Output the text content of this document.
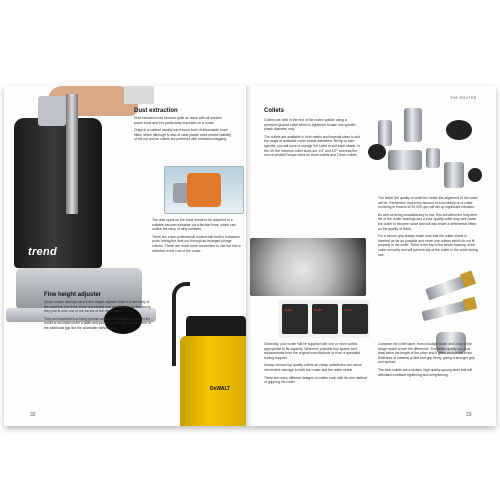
trend
Dust extraction

Dust extraction has become quite an issue with all wooden power tools and it is particularly important on a router.

Chips in a cabinet usually have some form of detachable hood fitted, which although is also of clear plastic does restrict visibility of the cut and so collets are preferred with extraction-bagging.

The dust spout on the hood needs to be attached to a suitable vacuum extractor via a flexible hose, which can outlive the ramp of dirty surfaces.

There are a few professional routers with built in extraction ports, letting the dust out through an enlarged plunge column. These are much more convenient to use but this is reflected in the cost of the router.

Fine height adjuster

Some routers already have a fine height adjuster built in to the body of the machine, but if not, there is probably one available as an accessory, they just fit onto one of the turrets of the depth stop.

They are essential to a fixing precise adjustments particularly when the router is mounted under a table and you will not be able to use some of the additional jigs like the dovetailer without one.

DeWALT
32
THE ROUTER
Collets

Cutters are held in the end of the router spindle using a precision ground collet which is tightened to take one specific shank diameter only.

The collets are available in both metric and imperial sizes to suit the range of available router shank diameters. Being so size specific, you will have to change the collet to suit each shank. In the UK the common collet sizes are 1/4" and 1/2" whereas the rest of central Europe relies on 8mm collets and 12mm collets.

The better the quality of collet the better the alignment of the cutter will be. Remember that a tiny amount of eccentricity on a cutter revolving in excess of 20,000 rpm will set up significant vibration.

As well as being unsatisfactory to use, this will affect the long term life of the router bearings and a poor quality collet may well cause the cutter to become loose and will also leave a detrimental effect on the quality of finish.

For a secure grip always make sure that the cutter shank is inserted as far as possible and never use cutters which do not fit properly in the collet. There is the top to the whole bushing of the cutter securely and will prevent slip of the cutter in the collet during use.

trend	trend	trend

Generally, your router will be supplied with one or more collets appropriate to its capacity. Wherever possible buy spares and replacements from the original manufacturer or from a specialist tooling supplier.

Always choose top quality collets as cheap substitutes can cause irreversible damage to both the router and the cutter shank.

There are many different designs of collets each with its own method of gripping the cutter.

Compare the collet taper, from a budget router and a top of the range model to see the difference. The better quality one is at least twice the length of the other and it gives without the extra thickness of material to bite and grip firmly, giving a stronger grip and spread.

The best collets are a slotted, high quality sprung steel that will withstand constant tightening and untightening.

33
